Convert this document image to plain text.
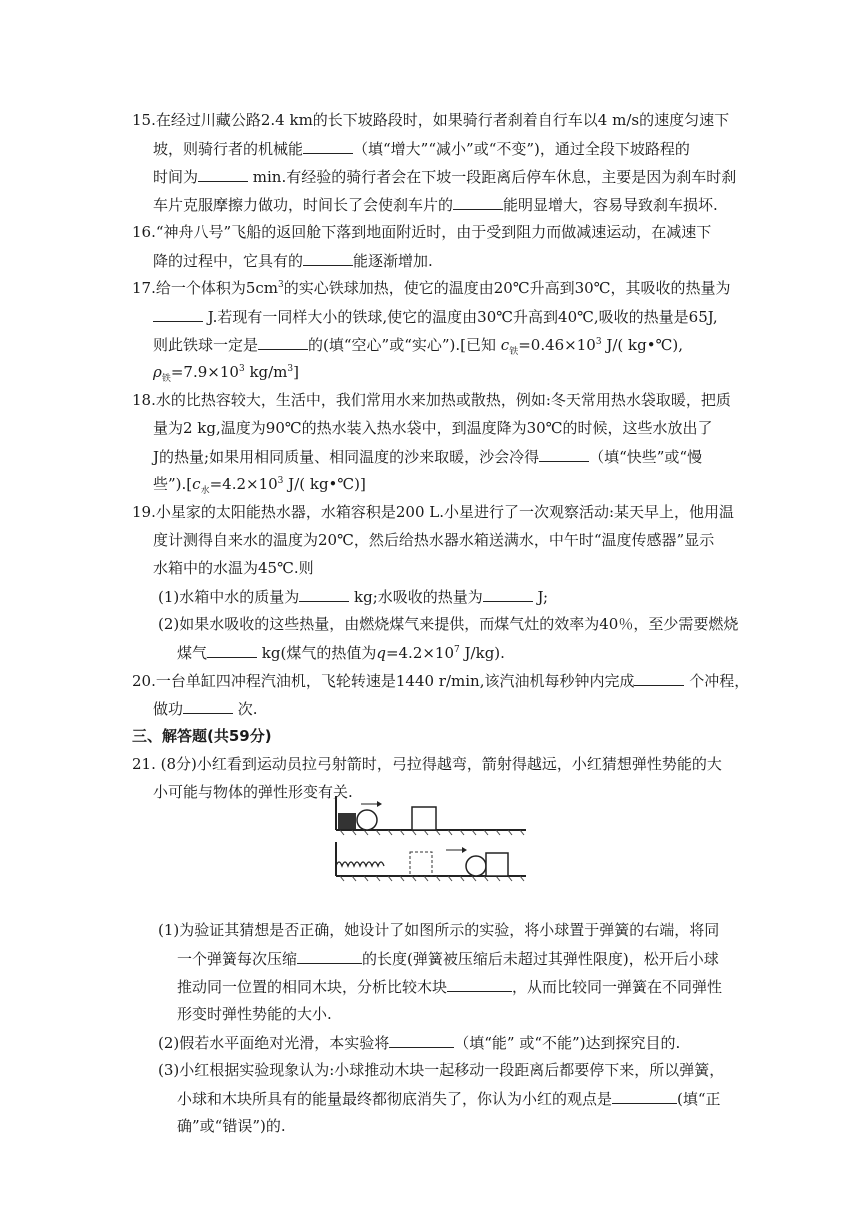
15.在经过川藏公路2.4 km的长下坡路段时，如果骑行者刹着自行车以4 m/s的速度匀速下
坡，则骑行者的机械能	（填“增大”“减小”或“不变”)，通过全段下坡路程的
时间为	min.有经验的骑行者会在下坡一段距离后停车休息，主要是因为刹车时刹
车片克服摩擦力做功，时间长了会使刹车片的	能明显增大，容易导致刹车损坏.
16.“神舟八号”飞船的返回舱下落到地面附近时，由于受到阻力而做减速运动，在减速下
降的过程中，它具有的	能逐渐增加.
17.给一个体积为$5cm^3$的实心铁球加热，使它的温度由20℃升高到30℃，其吸收的热量为
J.若现有一同样大小的铁球,使它的温度由30℃升高到40℃,吸收的热量是65J,
则此铁球一定是	的(填“空心”或“实心”).[已知 $c_铁=0.46\times 10^3$ J/( kg•℃),
$\rho_铁=7.9\times 10^3$ $kg/m^3$]
18.水的比热容较大，生活中，我们常用水来加热或散热，例如:冬天常用热水袋取暖，把质
量为2 kg,温度为90℃的热水装入热水袋中，到温度降为30℃的时候，这些水放出了
J的热量;如果用相同质量、相同温度的沙来取暖，沙会冷得	（填“快些”或“慢
些$”).[c_水=4.2\times 10^3$ J/( kg•℃)]
19.小星家的太阳能热水器，水箱容积是200 L.小星进行了一次观察活动:某天早上，他用温
度计测得自来水的温度为20℃，然后给热水器水箱送满水，中午时“温度传感器”显示
水箱中的水温为45℃.则
(1)水箱中水的质量为	kg;水吸收的热量为	J;
(2)如果水吸收的这些热量，由燃烧煤气来提供，而煤气灶的效率为40％，至少需要燃烧
煤气	kg(煤气的热值为$q=4.2\times 10^7$ J/kg).
20.一台单缸四冲程汽油机，飞轮转速是1440 r/min,该汽油机每秒钟内完成	个冲程，
做功	次.
三、解答题(共59分)
21. (8分)小红看到运动员拉弓射箭时，弓拉得越弯，箭射得越远，小红猜想弹性势能的大
小可能与物体的弹性形变有关.
(1)为验证其猜想是否正确，她设计了如图所示的实验，将小球置于弹簧的右端，将同
一个弹簧每次压缩	的长度(弹簧被压缩后未超过其弹性限度)，松开后小球
推动同一位置的相同木块，分析比较木块	，从而比较同一弹簧在不同弹性
形变时弹性势能的大小.
(2)假若水平面绝对光滑，本实验将	（填“能” 或“不能”)达到探究目的.
(3)小红根据实验现象认为:小球推动木块一起移动一段距离后都要停下来，所以弹簧，
小球和木块所具有的能量最终都彻底消失了，你认为小红的观点是	(填“正
确”或“错误”)的.
